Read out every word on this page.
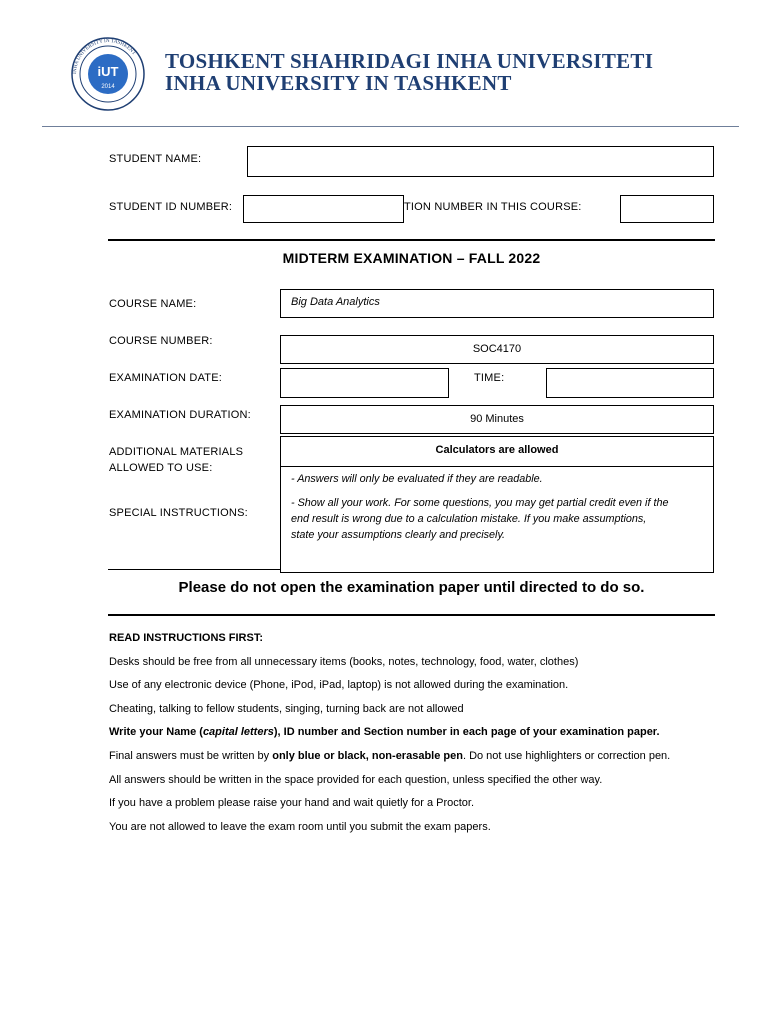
INHA UNIVERSITY IN TASHKENT
iUT
2014
TOSHKENT SHAHRIDAGI INHA UNIVERSITETI
INHA UNIVERSITY IN TASHKENT
STUDENT NAME:
STUDENT ID NUMBER:	TION NUMBER IN THIS COURSE:
MIDTERM EXAMINATION – FALL 2022
COURSE NAME:	Big Data Analytics
COURSE NUMBER:
SOC4170
EXAMINATION DATE:	TIME:
EXAMINATION DURATION:	90 Minutes
ADDITIONAL MATERIALS
ALLOWED TO USE:
Calculators are allowed
SPECIAL INSTRUCTIONS:
- Answers will only be evaluated if they are readable.
- Show all your work. For some questions, you may get partial credit even if the
end result is wrong due to a calculation mistake. If you make assumptions,
state your assumptions clearly and precisely.
Please do not open the examination paper until directed to do so.
READ INSTRUCTIONS FIRST:
Desks should be free from all unnecessary items (books, notes, technology, food, water, clothes)
Use of any electronic device (Phone, iPod, iPad, laptop) is not allowed during the examination.
Cheating, talking to fellow students, singing, turning back are not allowed
Write your Name (capital letters), ID number and Section number in each page of your examination paper.
Final answers must be written by only blue or black, non-erasable pen. Do not use highlighters or correction pen.
All answers should be written in the space provided for each question, unless specified the other way.
If you have a problem please raise your hand and wait quietly for a Proctor.
You are not allowed to leave the exam room until you submit the exam papers.
